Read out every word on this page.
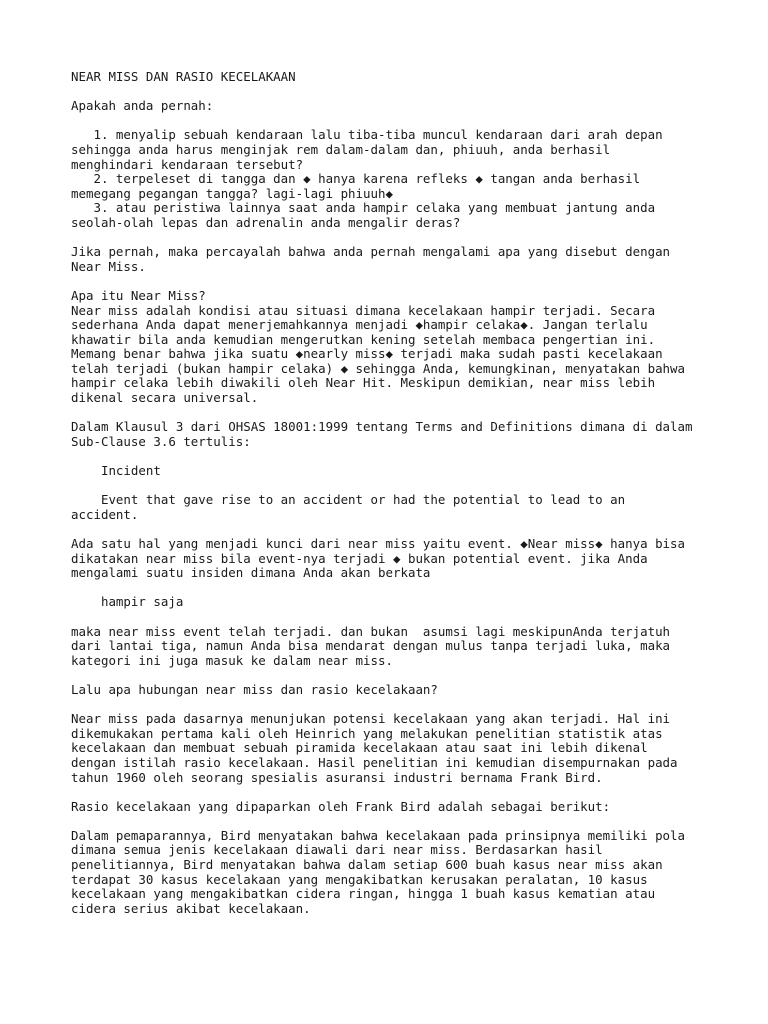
NEAR MISS DAN RASIO KECELAKAAN
Apakah anda pernah:
1. menyalip sebuah kendaraan lalu tiba-tiba muncul kendaraan dari arah depan
sehingga anda harus menginjak rem dalam-dalam dan, phiuuh, anda berhasil
menghindari kendaraan tersebut?
2. terpeleset di tangga dan ◆ hanya karena refleks ◆ tangan anda berhasil
memegang pegangan tangga? lagi-lagi phiuuh◆
3. atau peristiwa lainnya saat anda hampir celaka yang membuat jantung anda
seolah-olah lepas dan adrenalin anda mengalir deras?
Jika pernah, maka percayalah bahwa anda pernah mengalami apa yang disebut dengan
Near Miss.
Apa itu Near Miss?
Near miss adalah kondisi atau situasi dimana kecelakaan hampir terjadi. Secara
sederhana Anda dapat menerjemahkannya menjadi ◆hampir celaka◆. Jangan terlalu
khawatir bila anda kemudian mengerutkan kening setelah membaca pengertian ini.
Memang benar bahwa jika suatu ◆nearly miss◆ terjadi maka sudah pasti kecelakaan
telah terjadi (bukan hampir celaka) ◆ sehingga Anda, kemungkinan, menyatakan bahwa
hampir celaka lebih diwakili oleh Near Hit. Meskipun demikian, near miss lebih
dikenal secara universal.
Dalam Klausul 3 dari OHSAS 18001:1999 tentang Terms and Definitions dimana di dalam
Sub-Clause 3.6 tertulis:
Incident
Event that gave rise to an accident or had the potential to lead to an
accident.
Ada satu hal yang menjadi kunci dari near miss yaitu event. ◆Near miss◆ hanya bisa
dikatakan near miss bila event-nya terjadi ◆ bukan potential event. jika Anda
mengalami suatu insiden dimana Anda akan berkata
hampir saja
maka near miss event telah terjadi. dan bukan  asumsi lagi meskipunAnda terjatuh
dari lantai tiga, namun Anda bisa mendarat dengan mulus tanpa terjadi luka, maka
kategori ini juga masuk ke dalam near miss.
Lalu apa hubungan near miss dan rasio kecelakaan?
Near miss pada dasarnya menunjukan potensi kecelakaan yang akan terjadi. Hal ini
dikemukakan pertama kali oleh Heinrich yang melakukan penelitian statistik atas
kecelakaan dan membuat sebuah piramida kecelakaan atau saat ini lebih dikenal
dengan istilah rasio kecelakaan. Hasil penelitian ini kemudian disempurnakan pada
tahun 1960 oleh seorang spesialis asuransi industri bernama Frank Bird.
Rasio kecelakaan yang dipaparkan oleh Frank Bird adalah sebagai berikut:
Dalam pemaparannya, Bird menyatakan bahwa kecelakaan pada prinsipnya memiliki pola
dimana semua jenis kecelakaan diawali dari near miss. Berdasarkan hasil
penelitiannya, Bird menyatakan bahwa dalam setiap 600 buah kasus near miss akan
terdapat 30 kasus kecelakaan yang mengakibatkan kerusakan peralatan, 10 kasus
kecelakaan yang mengakibatkan cidera ringan, hingga 1 buah kasus kematian atau
cidera serius akibat kecelakaan.
